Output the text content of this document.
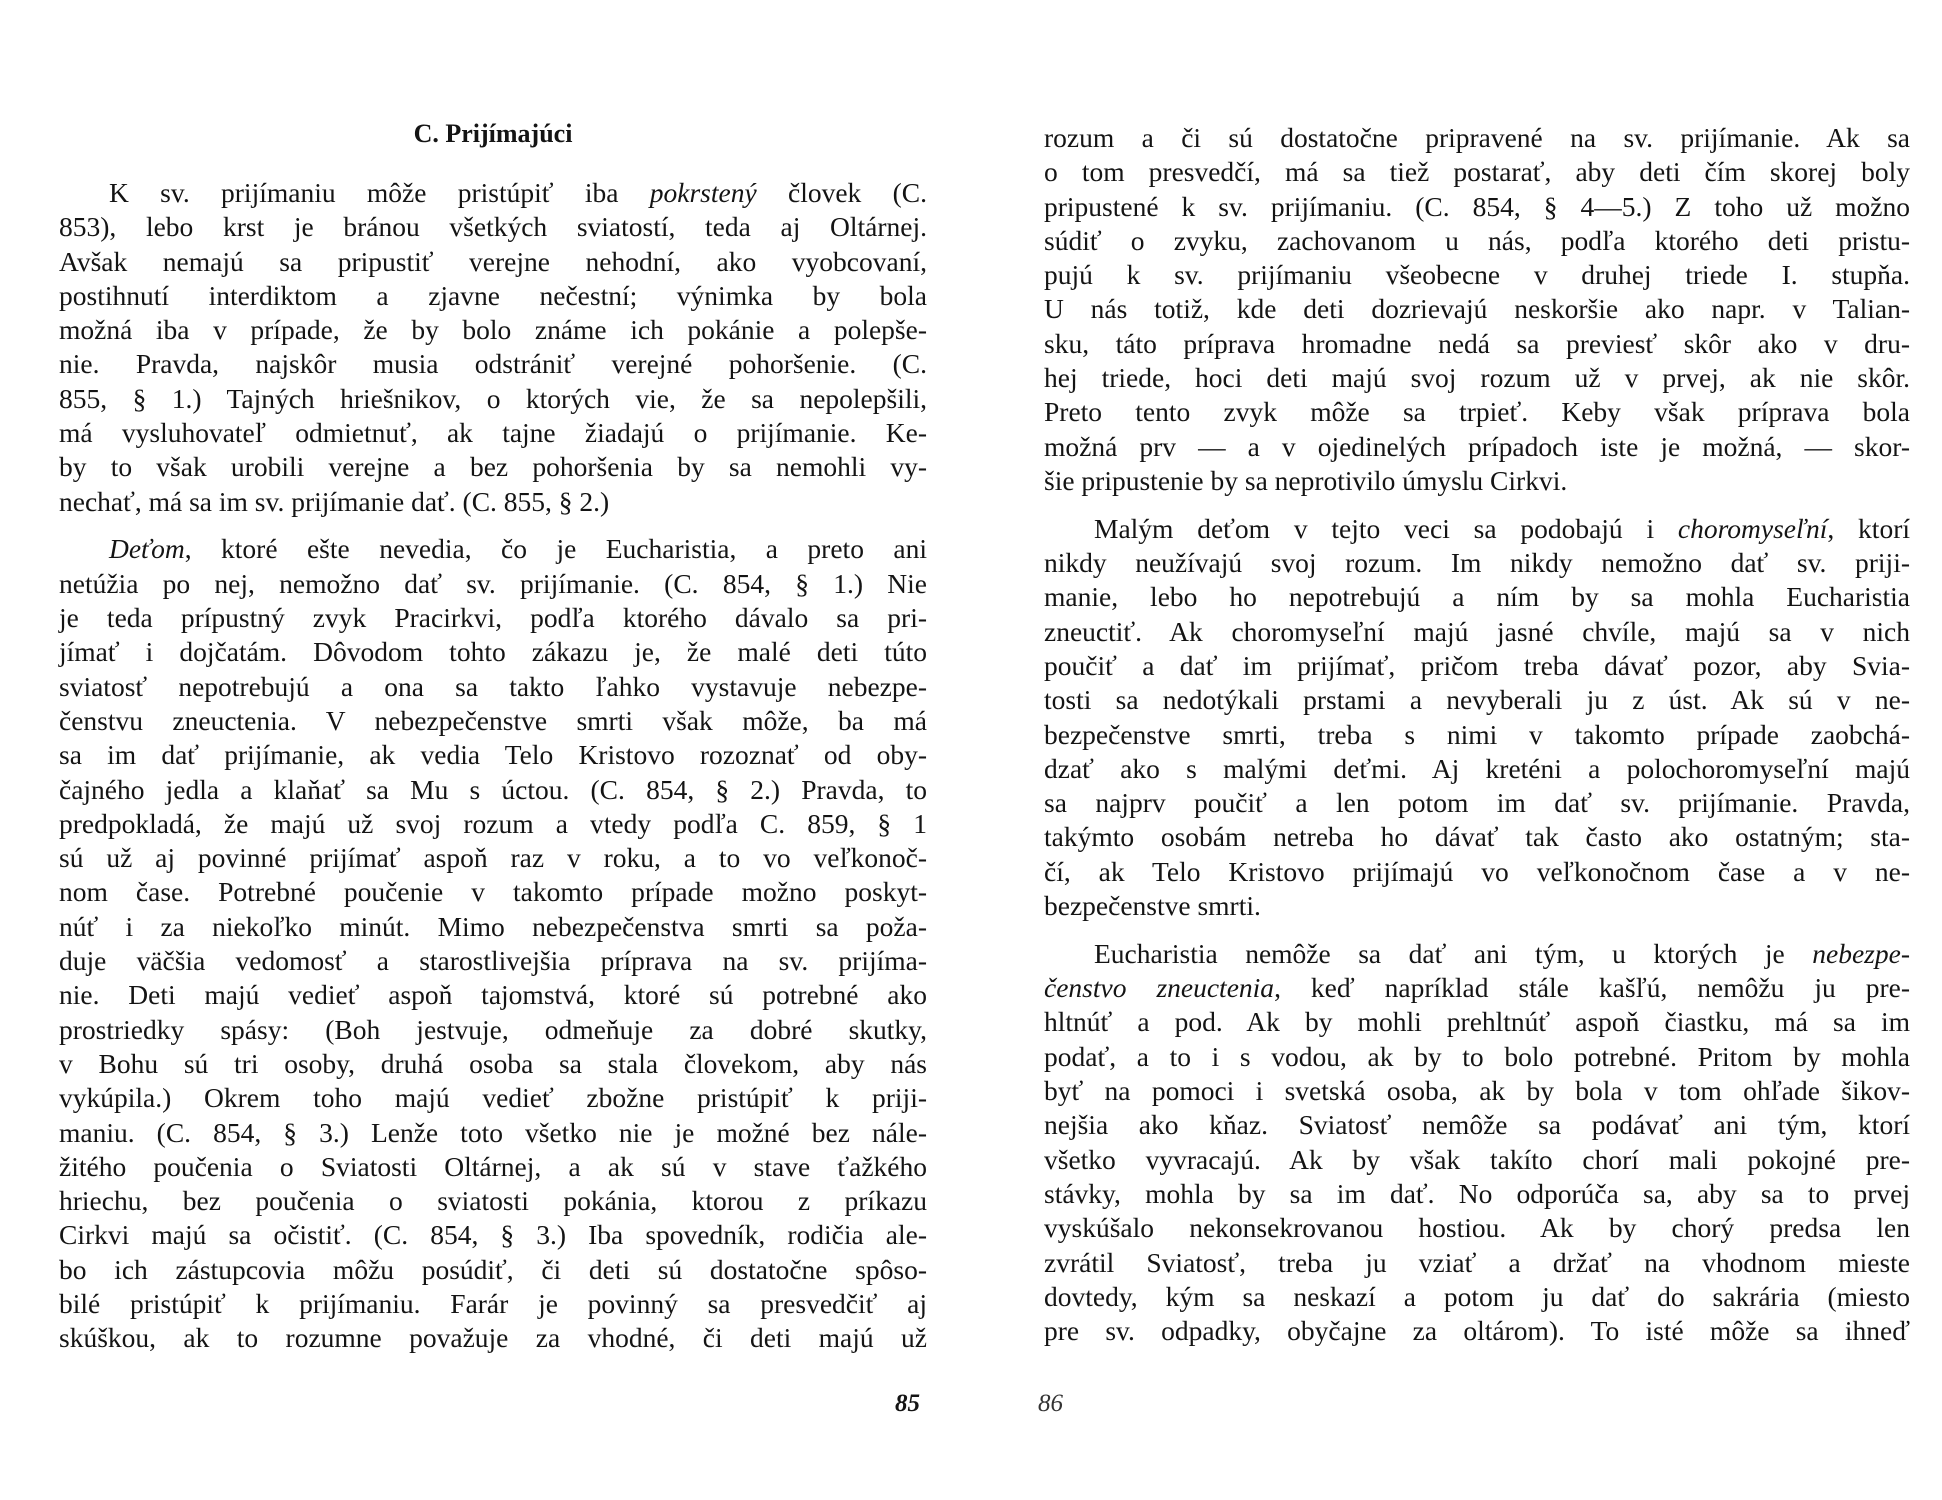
C. Prijímajúci
K sv. prijímaniu môže pristúpiť iba pokrstený človek (C.
853), lebo krst je bránou všetkých sviatostí, teda aj Oltárnej.
Avšak nemajú sa pripustiť verejne nehodní, ako vyobcovaní,
postihnutí interdiktom a zjavne nečestní; výnimka by bola
možná iba v prípade, že by bolo známe ich pokánie a polepše-
nie. Pravda, najskôr musia odstrániť verejné pohoršenie. (C.
855, § 1.) Tajných hriešnikov, o ktorých vie, že sa nepolepšili,
má vysluhovateľ odmietnuť, ak tajne žiadajú o prijímanie. Ke-
by to však urobili verejne a bez pohoršenia by sa nemohli vy-
nechať, má sa im sv. prijímanie dať. (C. 855, § 2.)
Deťom, ktoré ešte nevedia, čo je Eucharistia, a preto ani
netúžia po nej, nemožno dať sv. prijímanie. (C. 854, § 1.) Nie
je teda prípustný zvyk Pracirkvi, podľa ktorého dávalo sa pri-
jímať i dojčatám. Dôvodom tohto zákazu je, že malé deti túto
sviatosť nepotrebujú a ona sa takto ľahko vystavuje nebezpe-
čenstvu zneuctenia. V nebezpečenstve smrti však môže, ba má
sa im dať prijímanie, ak vedia Telo Kristovo rozoznať od oby-
čajného jedla a klaňať sa Mu s úctou. (C. 854, § 2.) Pravda, to
predpokladá, že majú už svoj rozum a vtedy podľa C. 859, § 1
sú už aj povinné prijímať aspoň raz v roku, a to vo veľkonoč-
nom čase. Potrebné poučenie v takomto prípade možno poskyt-
núť i za niekoľko minút. Mimo nebezpečenstva smrti sa poža-
duje väčšia vedomosť a starostlivejšia príprava na sv. prijíma-
nie. Deti majú vedieť aspoň tajomstvá, ktoré sú potrebné ako
prostriedky spásy: (Boh jestvuje, odmeňuje za dobré skutky,
v Bohu sú tri osoby, druhá osoba sa stala človekom, aby nás
vykúpila.) Okrem toho majú vedieť zbožne pristúpiť k priji-
maniu. (C. 854, § 3.) Lenže toto všetko nie je možné bez nále-
žitého poučenia o Sviatosti Oltárnej, a ak sú v stave ťažkého
hriechu, bez poučenia o sviatosti pokánia, ktorou z príkazu
Cirkvi majú sa očistiť. (C. 854, § 3.) Iba spovedník, rodičia ale-
bo ich zástupcovia môžu posúdiť, či deti sú dostatočne spôso-
bilé pristúpiť k prijímaniu. Farár je povinný sa presvedčiť aj
skúškou, ak to rozumne považuje za vhodné, či deti majú už
85
rozum a či sú dostatočne pripravené na sv. prijímanie. Ak sa
o tom presvedčí, má sa tiež postarať, aby deti čím skorej boly
pripustené k sv. prijímaniu. (C. 854, § 4—5.) Z toho už možno
súdiť o zvyku, zachovanom u nás, podľa ktorého deti pristu-
pujú k sv. prijímaniu všeobecne v druhej triede I. stupňa.
U nás totiž, kde deti dozrievajú neskoršie ako napr. v Talian-
sku, táto príprava hromadne nedá sa previesť skôr ako v dru-
hej triede, hoci deti majú svoj rozum už v prvej, ak nie skôr.
Preto tento zvyk môže sa trpieť. Keby však príprava bola
možná prv — a v ojedinelých prípadoch iste je možná, — skor-
šie pripustenie by sa neprotivilo úmyslu Cirkvi.
Malým deťom v tejto veci sa podobajú i choromyseľní, ktorí
nikdy neužívajú svoj rozum. Im nikdy nemožno dať sv. priji-
manie, lebo ho nepotrebujú a ním by sa mohla Eucharistia
zneuctiť. Ak choromyseľní majú jasné chvíle, majú sa v nich
poučiť a dať im prijímať, pričom treba dávať pozor, aby Svia-
tosti sa nedotýkali prstami a nevyberali ju z úst. Ak sú v ne-
bezpečenstve smrti, treba s nimi v takomto prípade zaobchá-
dzať ako s malými deťmi. Aj kreténi a polochoromyseľní majú
sa najprv poučiť a len potom im dať sv. prijímanie. Pravda,
takýmto osobám netreba ho dávať tak často ako ostatným; sta-
čí, ak Telo Kristovo prijímajú vo veľkonočnom čase a v ne-
bezpečenstve smrti.
Eucharistia nemôže sa dať ani tým, u ktorých je nebezpe-
čenstvo zneuctenia, keď napríklad stále kašľú, nemôžu ju pre-
hltnúť a pod. Ak by mohli prehltnúť aspoň čiastku, má sa im
podať, a to i s vodou, ak by to bolo potrebné. Pritom by mohla
byť na pomoci i svetská osoba, ak by bola v tom ohľade šikov-
nejšia ako kňaz. Sviatosť nemôže sa podávať ani tým, ktorí
všetko vyvracajú. Ak by však takíto chorí mali pokojné pre-
stávky, mohla by sa im dať. No odporúča sa, aby sa to prvej
vyskúšalo nekonsekrovanou hostiou. Ak by chorý predsa len
zvrátil Sviatosť, treba ju vziať a držať na vhodnom mieste
dovtedy, kým sa neskazí a potom ju dať do sakrária (miesto
pre sv. odpadky, obyčajne za oltárom). To isté môže sa ihneď
86
